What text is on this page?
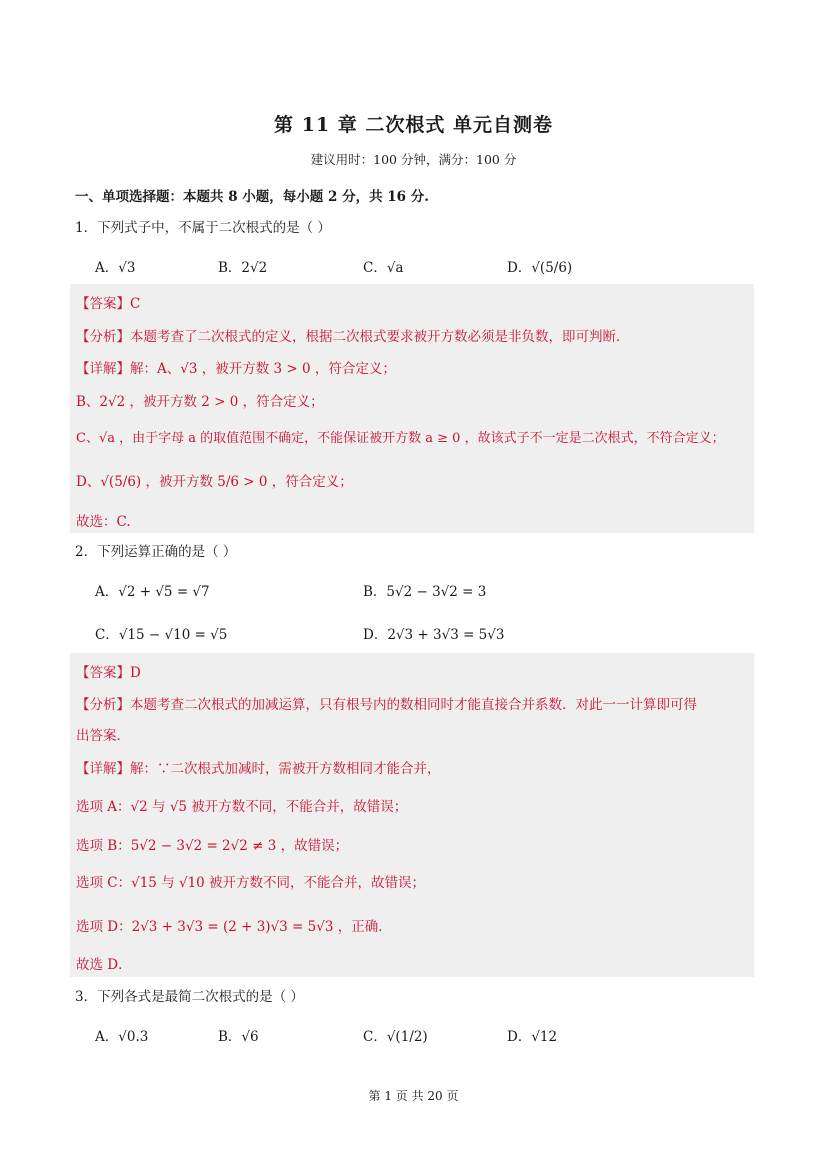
第 11 章 二次根式 单元自测卷
建议用时：100 分钟，满分：100 分
一、单项选择题：本题共 8 小题，每小题 2 分，共 16 分.
1．下列式子中，不属于二次根式的是（ ）
A．√3	B．2√2	C．√a	D．√(5/6)
【答案】C
【分析】本题考查了二次根式的定义，根据二次根式要求被开方数必须是非负数，即可判断．
【详解】解：A、√3 ，被开方数 3 > 0 ，符合定义；
B、2√2 ，被开方数 2 > 0 ，符合定义；
C、√a ，由于字母 a 的取值范围不确定，不能保证被开方数 a ≥ 0 ，故该式子不一定是二次根式，不符合定义；
D、√(5/6) ，被开方数 5/6 > 0 ，符合定义；
故选：C.
2．下列运算正确的是（ ）
A．√2 + √5 = √7	B．5√2 − 3√2 = 3
C．√15 − √10 = √5	D．2√3 + 3√3 = 5√3
【答案】D
【分析】本题考查二次根式的加减运算，只有根号内的数相同时才能直接合并系数．对此一一计算即可得
出答案．
【详解】解：∵二次根式加减时，需被开方数相同才能合并，
选项 A：√2 与 √5 被开方数不同，不能合并，故错误；
选项 B：5√2 − 3√2 = 2√2 ≠ 3 ，故错误；
选项 C：√15 与 √10 被开方数不同，不能合并，故错误；
选项 D：2√3 + 3√3 = (2 + 3)√3 = 5√3 ，正确．
故选 D．
3．下列各式是最简二次根式的是（ ）
A．√0.3	B．√6	C．√(1/2)	D．√12
第 1 页 共 20 页
